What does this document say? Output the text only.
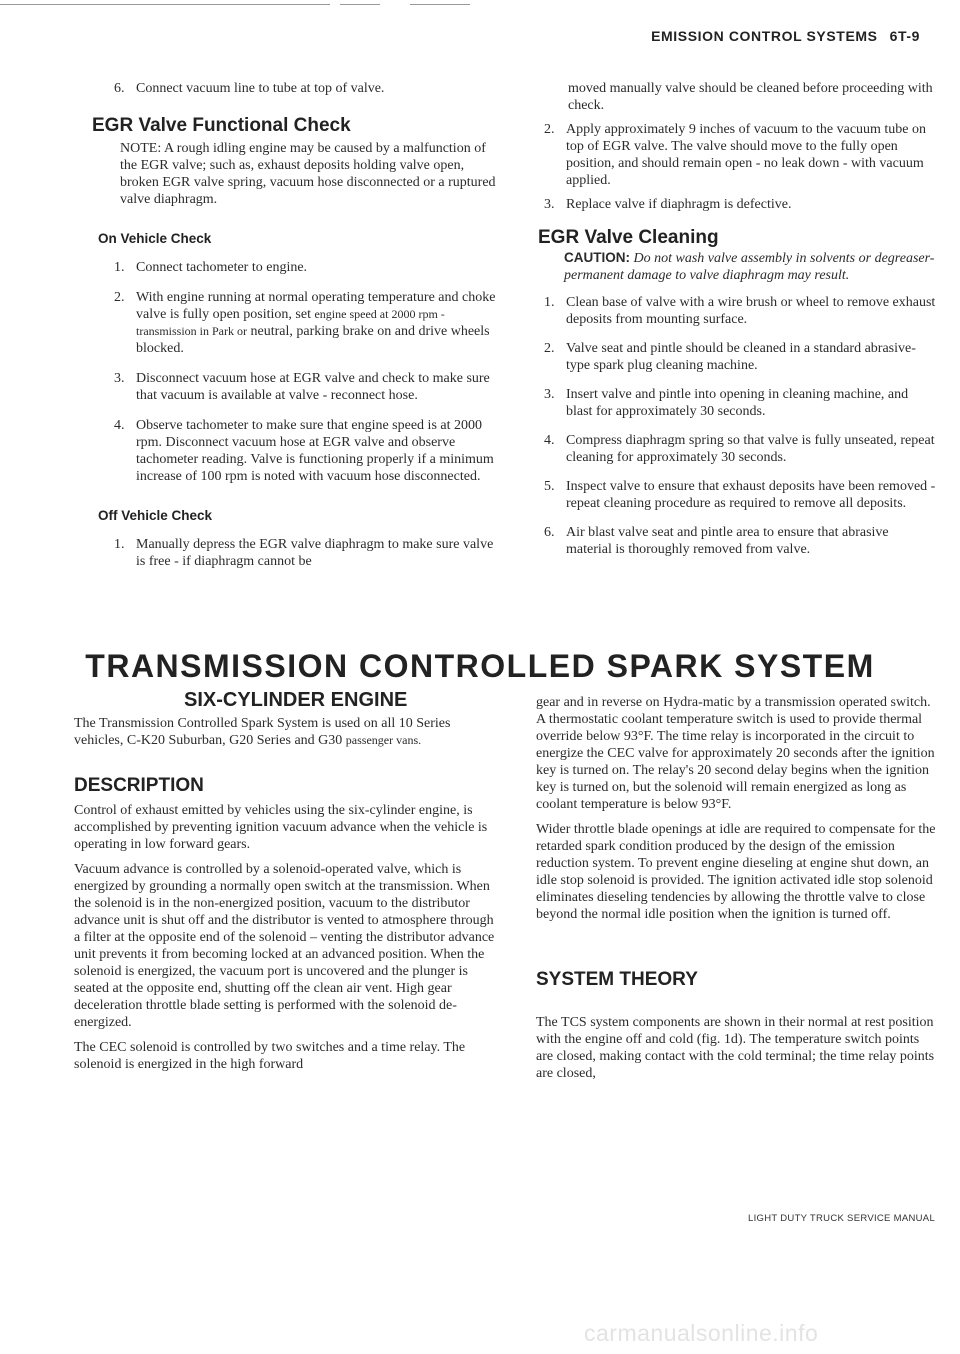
EMISSION CONTROL SYSTEMS 6T-9
6. Connect vacuum line to tube at top of valve.

EGR Valve Functional Check

NOTE: A rough idling engine may be caused by a malfunction of the EGR valve; such as, exhaust deposits holding valve open, broken EGR valve spring, vacuum hose disconnected or a ruptured valve diaphragm.

On Vehicle Check
1. Connect tachometer to engine.

2. With engine running at normal operating temperature and choke valve is fully open position, set engine speed at 2000 rpm - transmission in Park or neutral, parking brake on and drive wheels blocked.

3. Disconnect vacuum hose at EGR valve and check to make sure that vacuum is available at valve - reconnect hose.

4. Observe tachometer to make sure that engine speed is at 2000 rpm. Disconnect vacuum hose at EGR valve and observe tachometer reading. Valve is functioning properly if a minimum increase of 100 rpm is noted with vacuum hose disconnected.

Off Vehicle Check
1. Manually depress the EGR valve diaphragm to make sure valve is free - if diaphragm cannot be

moved manually valve should be cleaned before proceeding with check.

2. Apply approximately 9 inches of vacuum to the vacuum tube on top of EGR valve. The valve should move to the fully open position, and should remain open - no leak down - with vacuum applied.

3. Replace valve if diaphragm is defective.

EGR Valve Cleaning

CAUTION: Do not wash valve assembly in solvents or degreaser-permanent damage to valve diaphragm may result.

1. Clean base of valve with a wire brush or wheel to remove exhaust deposits from mounting surface.

2. Valve seat and pintle should be cleaned in a standard abrasive-type spark plug cleaning machine.

3. Insert valve and pintle into opening in cleaning machine, and blast for approximately 30 seconds.

4. Compress diaphragm spring so that valve is fully unseated, repeat cleaning for approximately 30 seconds.

5. Inspect valve to ensure that exhaust deposits have been removed - repeat cleaning procedure as required to remove all deposits.

6. Air blast valve seat and pintle area to ensure that abrasive material is thoroughly removed from valve.

TRANSMISSION CONTROLLED SPARK SYSTEM
SIX-CYLINDER ENGINE

The Transmission Controlled Spark System is used on all 10 Series vehicles, C-K20 Suburban, G20 Series and G30 passenger vans.

DESCRIPTION

Control of exhaust emitted by vehicles using the six-cylinder engine, is accomplished by preventing ignition vacuum advance when the vehicle is operating in low forward gears.

Vacuum advance is controlled by a solenoid-operated valve, which is energized by grounding a normally open switch at the transmission. When the solenoid is in the non-energized position, vacuum to the distributor advance unit is shut off and the distributor is vented to atmosphere through a filter at the opposite end of the solenoid – venting the distributor advance unit prevents it from becoming locked at an advanced position. When the solenoid is energized, the vacuum port is uncovered and the plunger is seated at the opposite end, shutting off the clean air vent. High gear deceleration throttle blade setting is performed with the solenoid de-energized.

The CEC solenoid is controlled by two switches and a time relay. The solenoid is energized in the high forward

gear and in reverse on Hydra-matic by a transmission operated switch. A thermostatic coolant temperature switch is used to provide thermal override below 93°F. The time relay is incorporated in the circuit to energize the CEC valve for approximately 20 seconds after the ignition key is turned on. The relay's 20 second delay begins when the ignition key is turned on, but the solenoid will remain energized as long as coolant temperature is below 93°F.

Wider throttle blade openings at idle are required to compensate for the retarded spark condition produced by the design of the emission reduction system. To prevent engine dieseling at engine shut down, an idle stop solenoid is provided. The ignition activated idle stop solenoid eliminates dieseling tendencies by allowing the throttle valve to close beyond the normal idle position when the ignition is turned off.

SYSTEM THEORY

The TCS system components are shown in their normal at rest position with the engine off and cold (fig. 1d). The temperature switch points are closed, making contact with the cold terminal; the time relay points are closed,

LIGHT DUTY TRUCK SERVICE MANUAL
carmanualsonline.info
